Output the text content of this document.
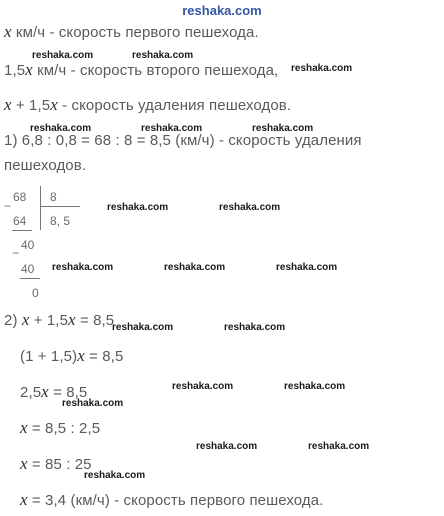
reshaka.com
x км/ч - скорость первого пешехода.
1,5x км/ч - скорость второго пешехода,
x + 1,5x - скорость удаления пешеходов.
1) 6,8 : 0,8 = 68 : 8 = 8,5 (км/ч) - скорость удаления
пешеходов.
−
68 8
64 8, 5
−
40
40
0
2) x + 1,5x = 8,5
(1 + 1,5)x = 8,5
2,5x = 8,5
x = 8,5 : 2,5
x = 85 : 25
x = 3,4 (км/ч) - скорость первого пешехода.
reshaka.com	reshaka.com
reshaka.com
reshaka.com	reshaka.com	reshaka.com
reshaka.com	reshaka.com
reshaka.com	reshaka.com	reshaka.com
reshaka.com	reshaka.com
reshaka.com	reshaka.com
reshaka.com
reshaka.com	reshaka.com
reshaka.com
